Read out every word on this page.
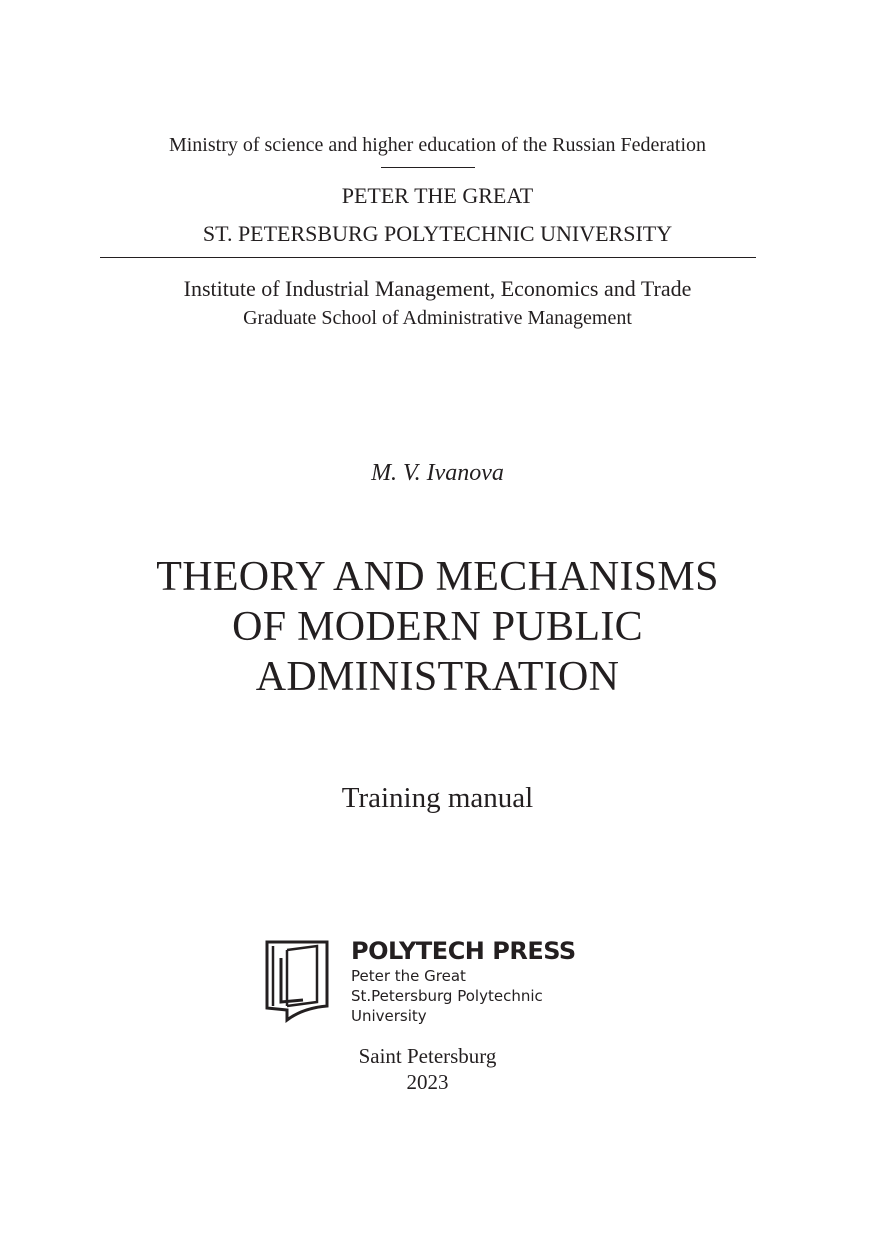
Ministry of science and higher education of the Russian Federation
PETER THE GREAT
ST. PETERSBURG POLYTECHNIC UNIVERSITY
Institute of Industrial Management, Economics and Trade
Graduate School of Administrative Management
M. V. Ivanova
THEORY AND MECHANISMS
OF MODERN PUBLIC
ADMINISTRATION
Training manual
POLYTECH PRESS
Peter the Great
St.Petersburg Polytechnic
University
Saint Petersburg
2023
